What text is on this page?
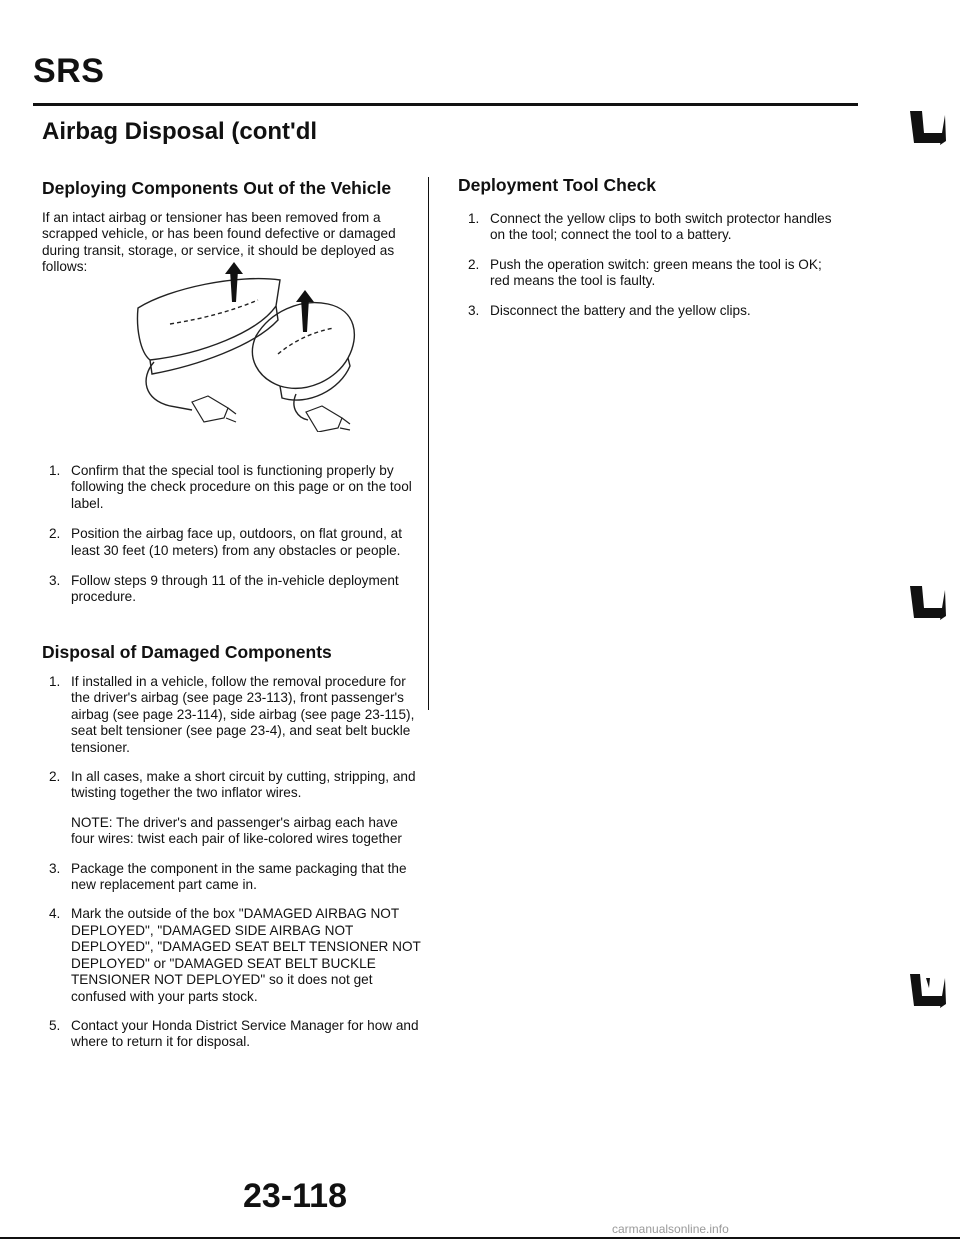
SRS
Airbag Disposal (cont'dl
Deploying Components Out of the Vehicle

If an intact airbag or tensioner has been removed from a scrapped vehicle, or has been found defective or damaged during transit, storage, or service, it should be deployed as follows:

1. Confirm that the special tool is functioning properly by following the check procedure on this page or on the tool label.
2. Position the airbag face up, outdoors, on flat ground, at least 30 feet (10 meters) from any obstacles or people.
3. Follow steps 9 through 11 of the in-vehicle deployment procedure.
Disposal of Damaged Components
1. If installed in a vehicle, follow the removal procedure for the driver's airbag (see page 23-113), front passenger's airbag (see page 23-114), side airbag (see page 23-115), seat belt tensioner (see page 23-4), and seat belt buckle tensioner.
2. In all cases, make a short circuit by cutting, stripping, and twisting together the two inflator wires.
NOTE: The driver's and passenger's airbag each have four wires: twist each pair of like-colored wires together
3. Package the component in the same packaging that the new replacement part came in.
4. Mark the outside of the box "DAMAGED AIRBAG NOT DEPLOYED", "DAMAGED SIDE AIRBAG NOT DEPLOYED", "DAMAGED SEAT BELT TENSIONER NOT DEPLOYED" or "DAMAGED SEAT BELT BUCKLE TENSIONER NOT DEPLOYED" so it does not get confused with your parts stock.
5. Contact your Honda District Service Manager for how and where to return it for disposal.
Deployment Tool Check
1. Connect the yellow clips to both switch protector handles on the tool; connect the tool to a battery.
2. Push the operation switch: green means the tool is OK; red means the tool is faulty.
3. Disconnect the battery and the yellow clips.
23-118
carmanualsonline.info
